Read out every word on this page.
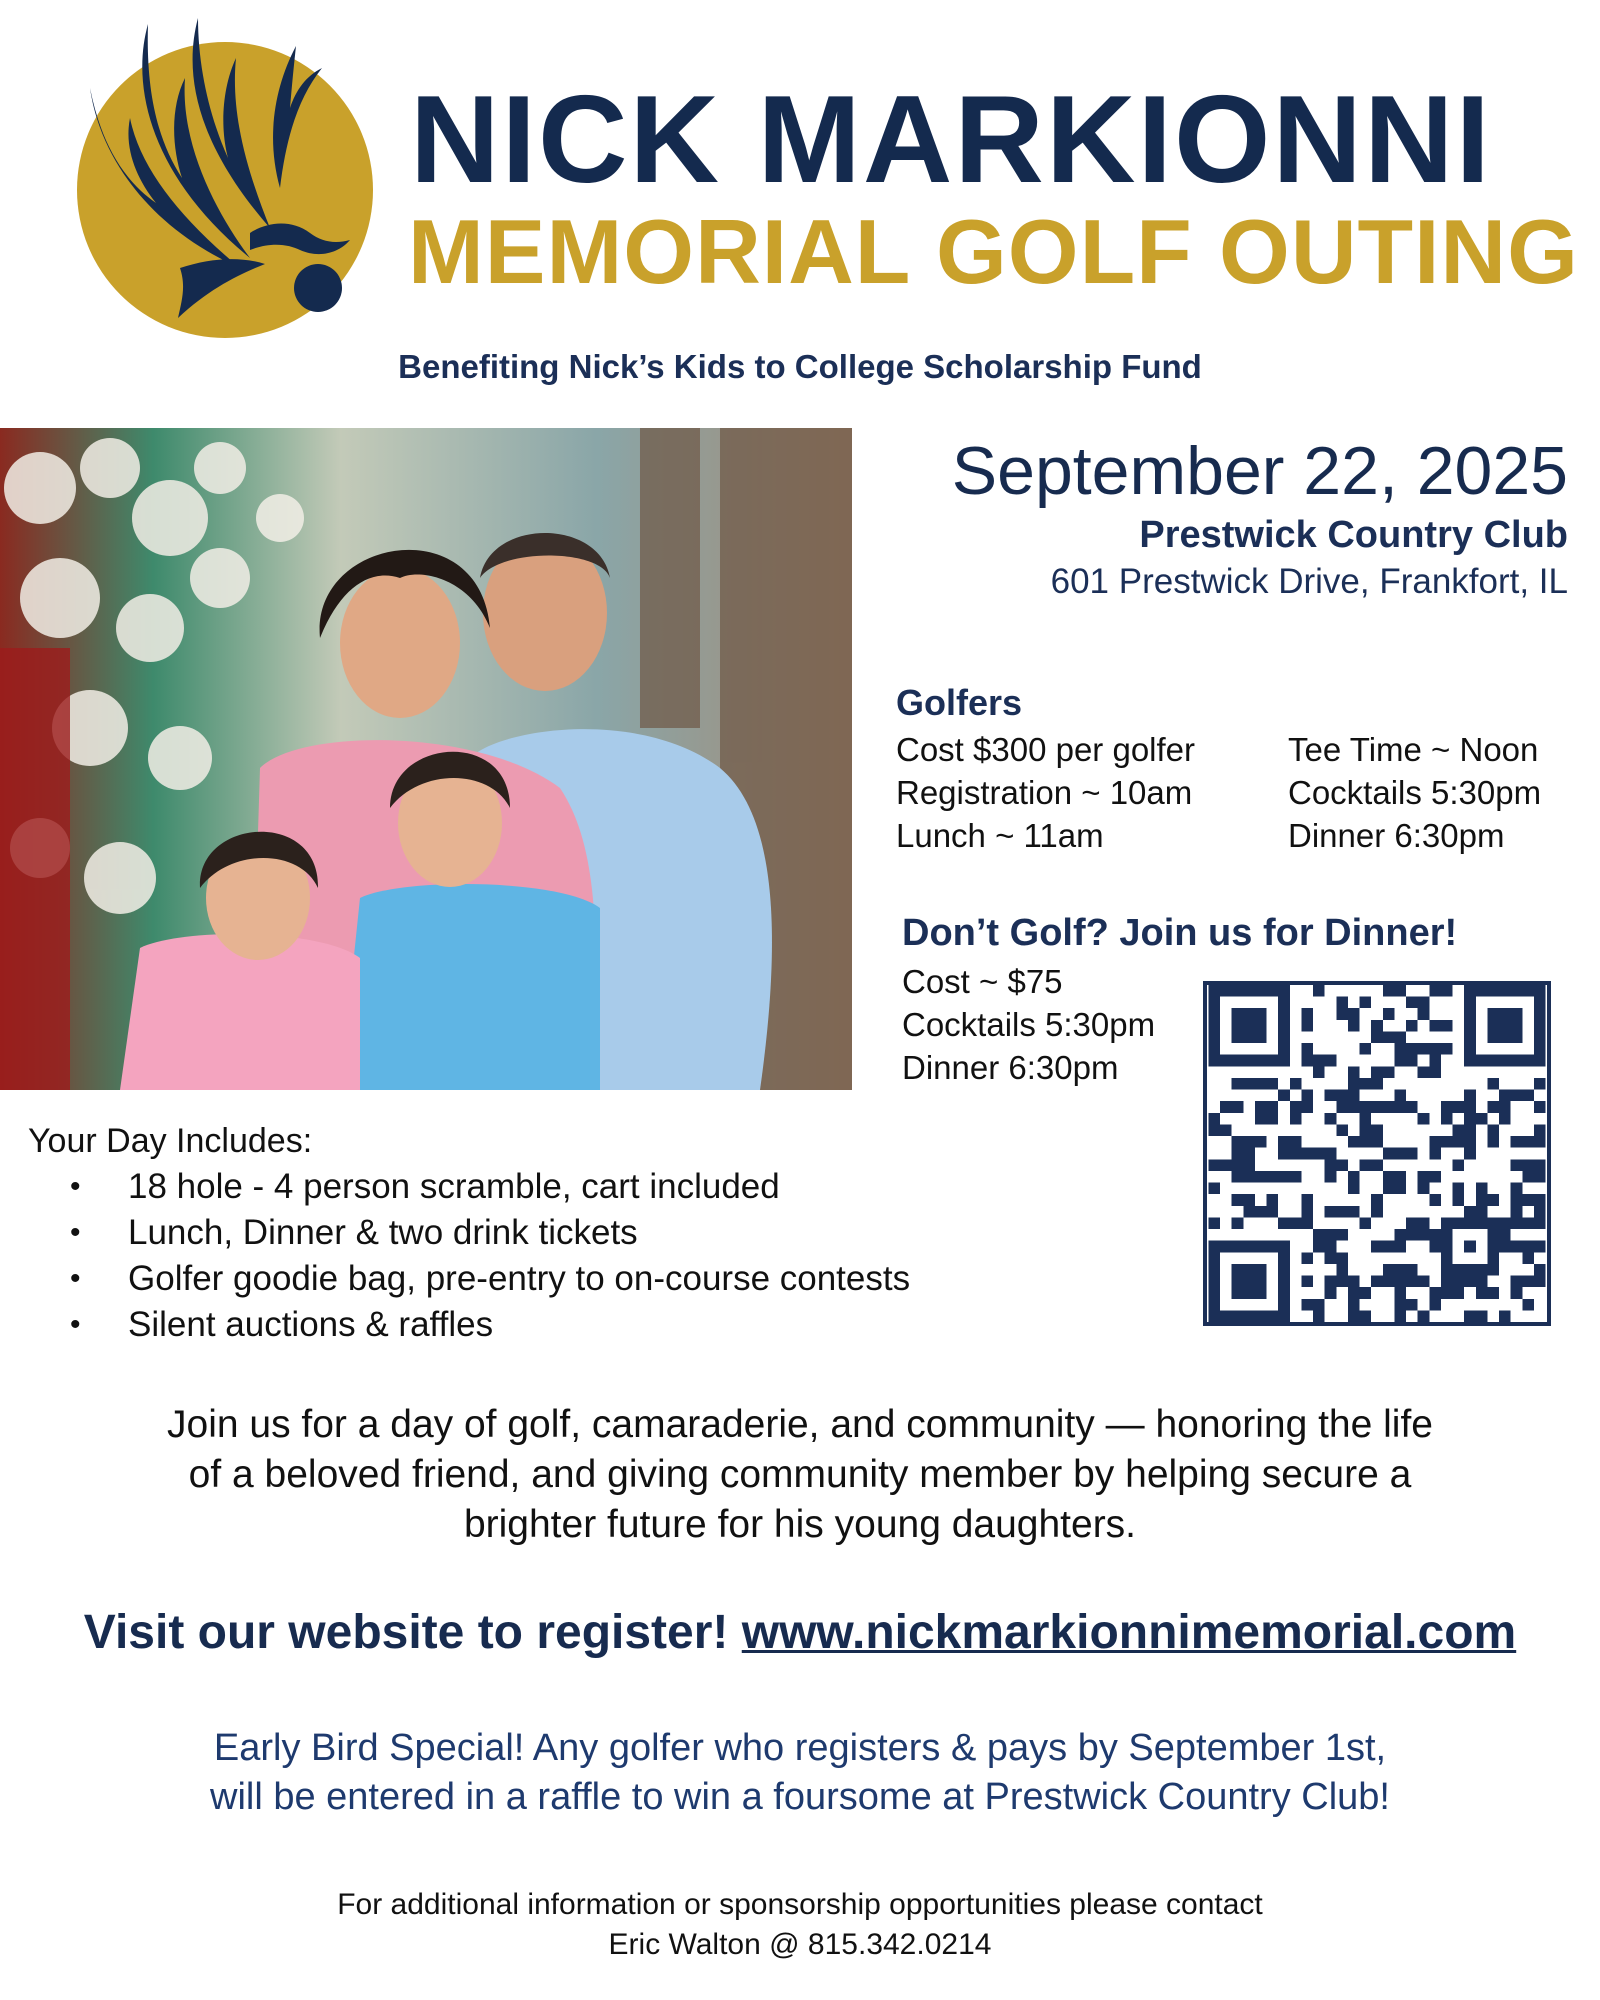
NICK MARKIONNI
MEMORIAL GOLF OUTING
Benefiting Nick’s Kids to College Scholarship Fund
September 22, 2025
Prestwick Country Club
601 Prestwick Drive, Frankfort, IL
Golfers
Cost $300 per golfer
Registration ~ 10am
Lunch ~ 11am
Tee Time ~ Noon
Cocktails 5:30pm
Dinner 6:30pm
Don’t Golf? Join us for Dinner!
Cost ~ $75
Cocktails 5:30pm
Dinner 6:30pm
Your Day Includes:
• 18 hole - 4 person scramble, cart included
• Lunch, Dinner & two drink tickets
• Golfer goodie bag, pre-entry to on-course contests
• Silent auctions & raffles
Join us for a day of golf, camaraderie, and community — honoring the life
of a beloved friend, and giving community member by helping secure a
brighter future for his young daughters.
Visit our website to register! www.nickmarkionnimemorial.com
Early Bird Special! Any golfer who registers & pays by September 1st,
will be entered in a raffle to win a foursome at Prestwick Country Club!
For additional information or sponsorship opportunities please contact
Eric Walton @ 815.342.0214
